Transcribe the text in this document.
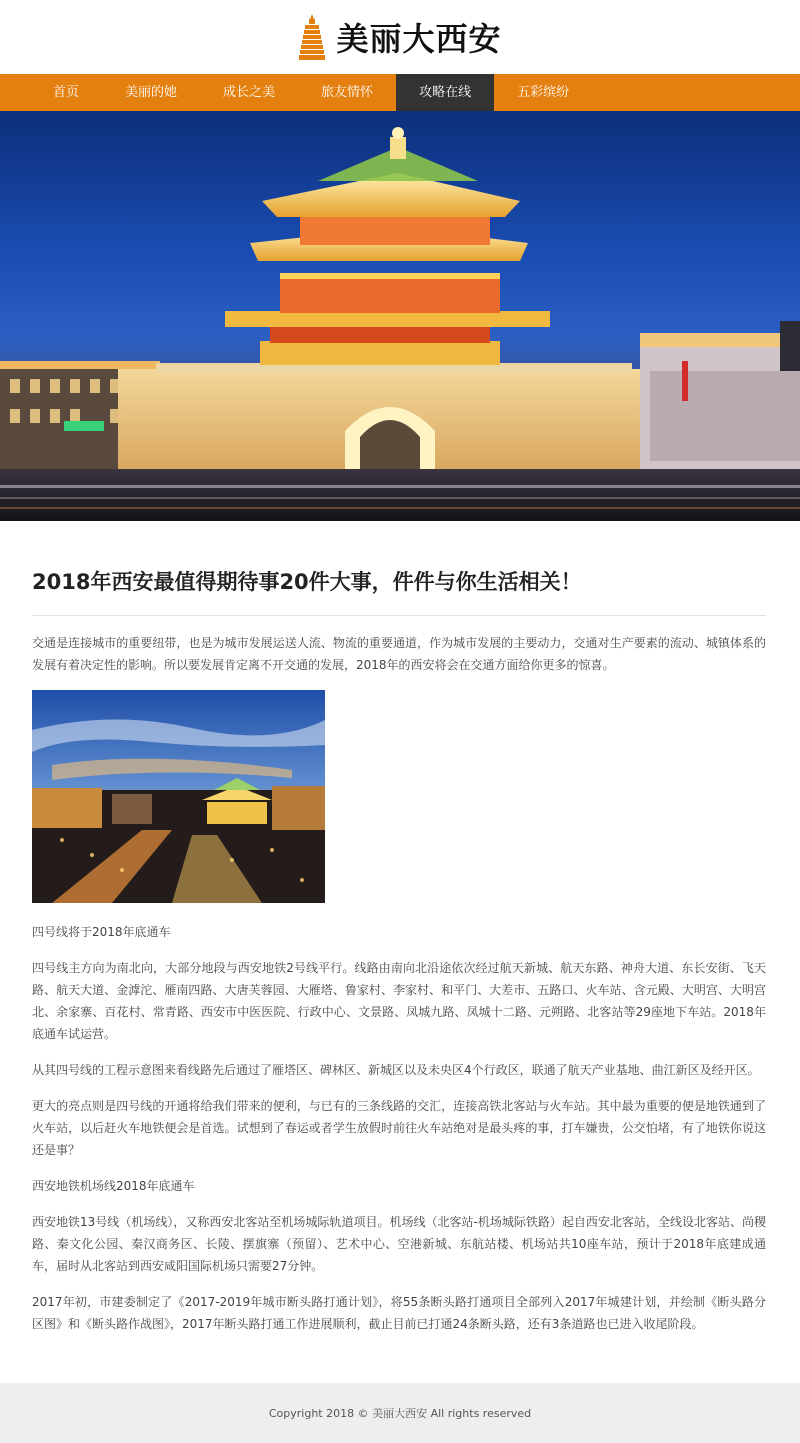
美丽大西安
首页	美丽的她	成长之美	旅友情怀	攻略在线	五彩缤纷
2018年西安最值得期待事20件大事，件件与你生活相关！

交通是连接城市的重要纽带，也是为城市发展运送人流、物流的重要通道，作为城市发展的主要动力，交通对生产要素的流动、城镇体系的发展有着决定性的影响。所以要发展肯定离不开交通的发展，2018年的西安将会在交通方面给你更多的惊喜。

四号线将于2018年底通车

四号线主方向为南北向，大部分地段与西安地铁2号线平行。线路由南向北沿途依次经过航天新城、航天东路、神舟大道、东长安街、飞天路、航天大道、金滹沱、雁南四路、大唐芙蓉园、大雁塔、鲁家村、李家村、和平门、大差市、五路口、火车站、含元殿、大明宫、大明宫北、余家寨、百花村、常青路、西安市中医医院、行政中心、文景路、凤城九路、凤城十二路、元朔路、北客站等29座地下车站。2018年底通车试运营。

从其四号线的工程示意图来看线路先后通过了雁塔区、碑林区、新城区以及未央区4个行政区，联通了航天产业基地、曲江新区及经开区。

更大的亮点则是四号线的开通将给我们带来的便利，与已有的三条线路的交汇，连接高铁北客站与火车站。其中最为重要的便是地铁通到了火车站，以后赶火车地铁便会是首选。试想到了春运或者学生放假时前往火车站绝对是最头疼的事，打车嫌贵，公交怕堵，有了地铁你说这还是事？

西安地铁机场线2018年底通车

西安地铁13号线（机场线），又称西安北客站至机场城际轨道项目。机场线（北客站-机场城际铁路）起自西安北客站，全线设北客站、尚稷路、秦文化公园、秦汉商务区、长陵、摆旗寨（预留）、艺术中心、空港新城、东航站楼、机场站共10座车站，预计于2018年底建成通车，届时从北客站到西安咸阳国际机场只需要27分钟。

2017年初，市建委制定了《2017-2019年城市断头路打通计划》，将55条断头路打通项目全部列入2017年城建计划，并绘制《断头路分区图》和《断头路作战图》，2017年断头路打通工作进展顺利，截止目前已打通24条断头路，还有3条道路也已进入收尾阶段。

Copyright 2018 © 美丽大西安 All rights reserved
